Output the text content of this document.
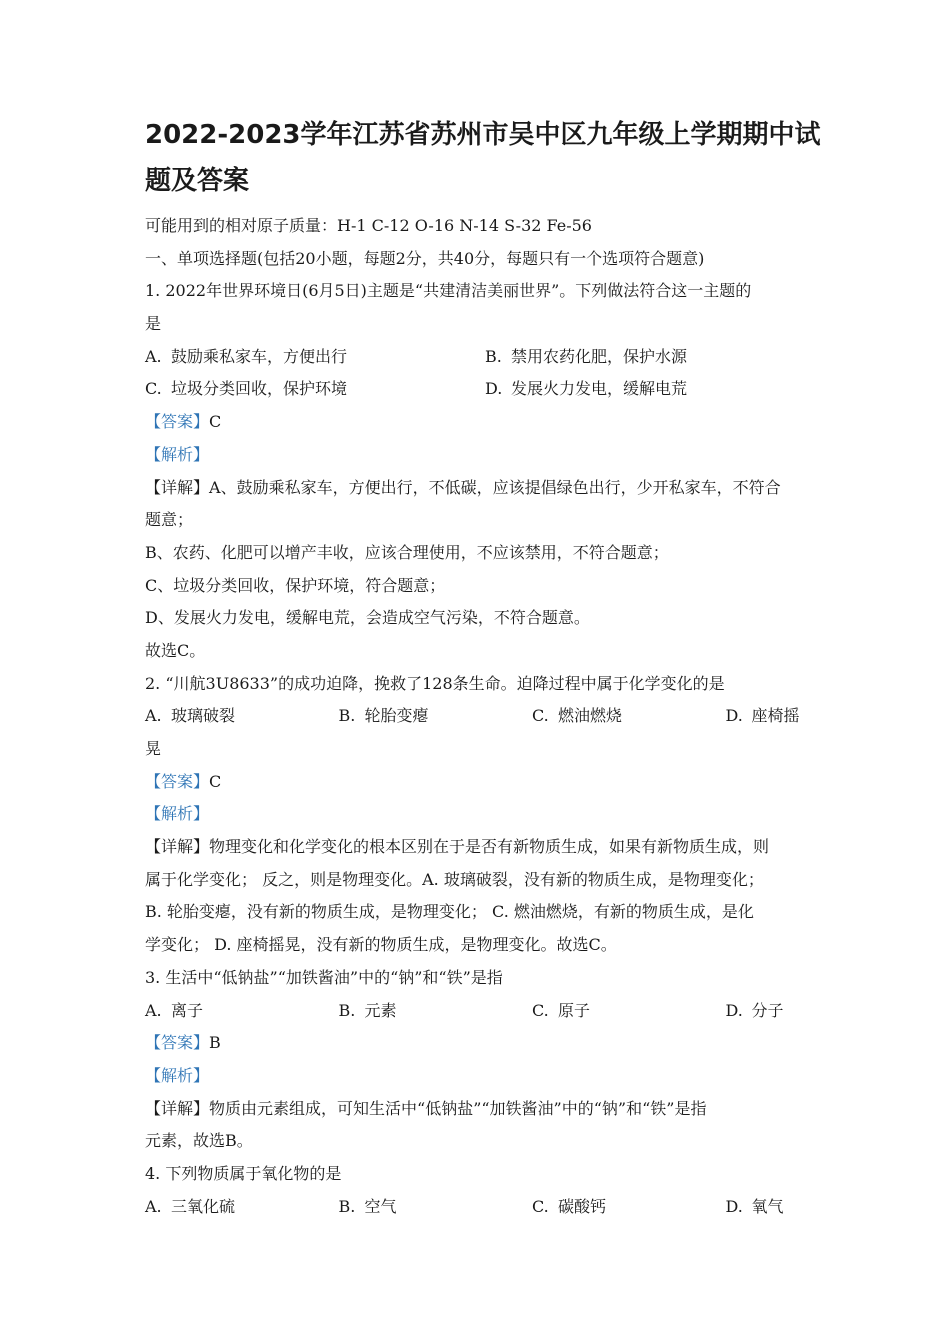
2022-2023学年江苏省苏州市吴中区九年级上学期期中试题及答案
可能用到的相对原子质量：H-1 C-12 O-16 N-14 S-32 Fe-56
一、单项选择题(包括20小题，每题2分，共40分，每题只有一个选项符合题意)
1. 2022年世界环境日(6月5日)主题是“共建清洁美丽世界”。下列做法符合这一主题的
是
A. 鼓励乘私家车，方便出行	B. 禁用农药化肥，保护水源
C. 垃圾分类回收，保护环境	D. 发展火力发电，缓解电荒
【答案】C
【解析】
【详解】A、鼓励乘私家车，方便出行，不低碳，应该提倡绿色出行，少开私家车，不符合
题意；
B、农药、化肥可以增产丰收，应该合理使用，不应该禁用，不符合题意；
C、垃圾分类回收，保护环境，符合题意；
D、发展火力发电，缓解电荒，会造成空气污染，不符合题意。
故选C。
2. “川航3U8633”的成功迫降，挽救了128条生命。迫降过程中属于化学变化的是
A. 玻璃破裂	B. 轮胎变瘪	C. 燃油燃烧	D. 座椅摇
晃
【答案】C
【解析】
【详解】物理变化和化学变化的根本区别在于是否有新物质生成，如果有新物质生成，则
属于化学变化； 反之，则是物理变化。A. 玻璃破裂，没有新的物质生成，是物理变化；
B. 轮胎变瘪，没有新的物质生成，是物理变化； C. 燃油燃烧，有新的物质生成，是化
学变化； D. 座椅摇晃，没有新的物质生成，是物理变化。故选C。
3. 生活中“低钠盐”“加铁酱油”中的“钠”和“铁”是指
A. 离子	B. 元素	C. 原子	D. 分子
【答案】B
【解析】
【详解】物质由元素组成，可知生活中“低钠盐”“加铁酱油”中的“钠”和“铁”是指
元素，故选B。
4. 下列物质属于氧化物的是
A. 三氧化硫	B. 空气	C. 碳酸钙	D. 氧气
